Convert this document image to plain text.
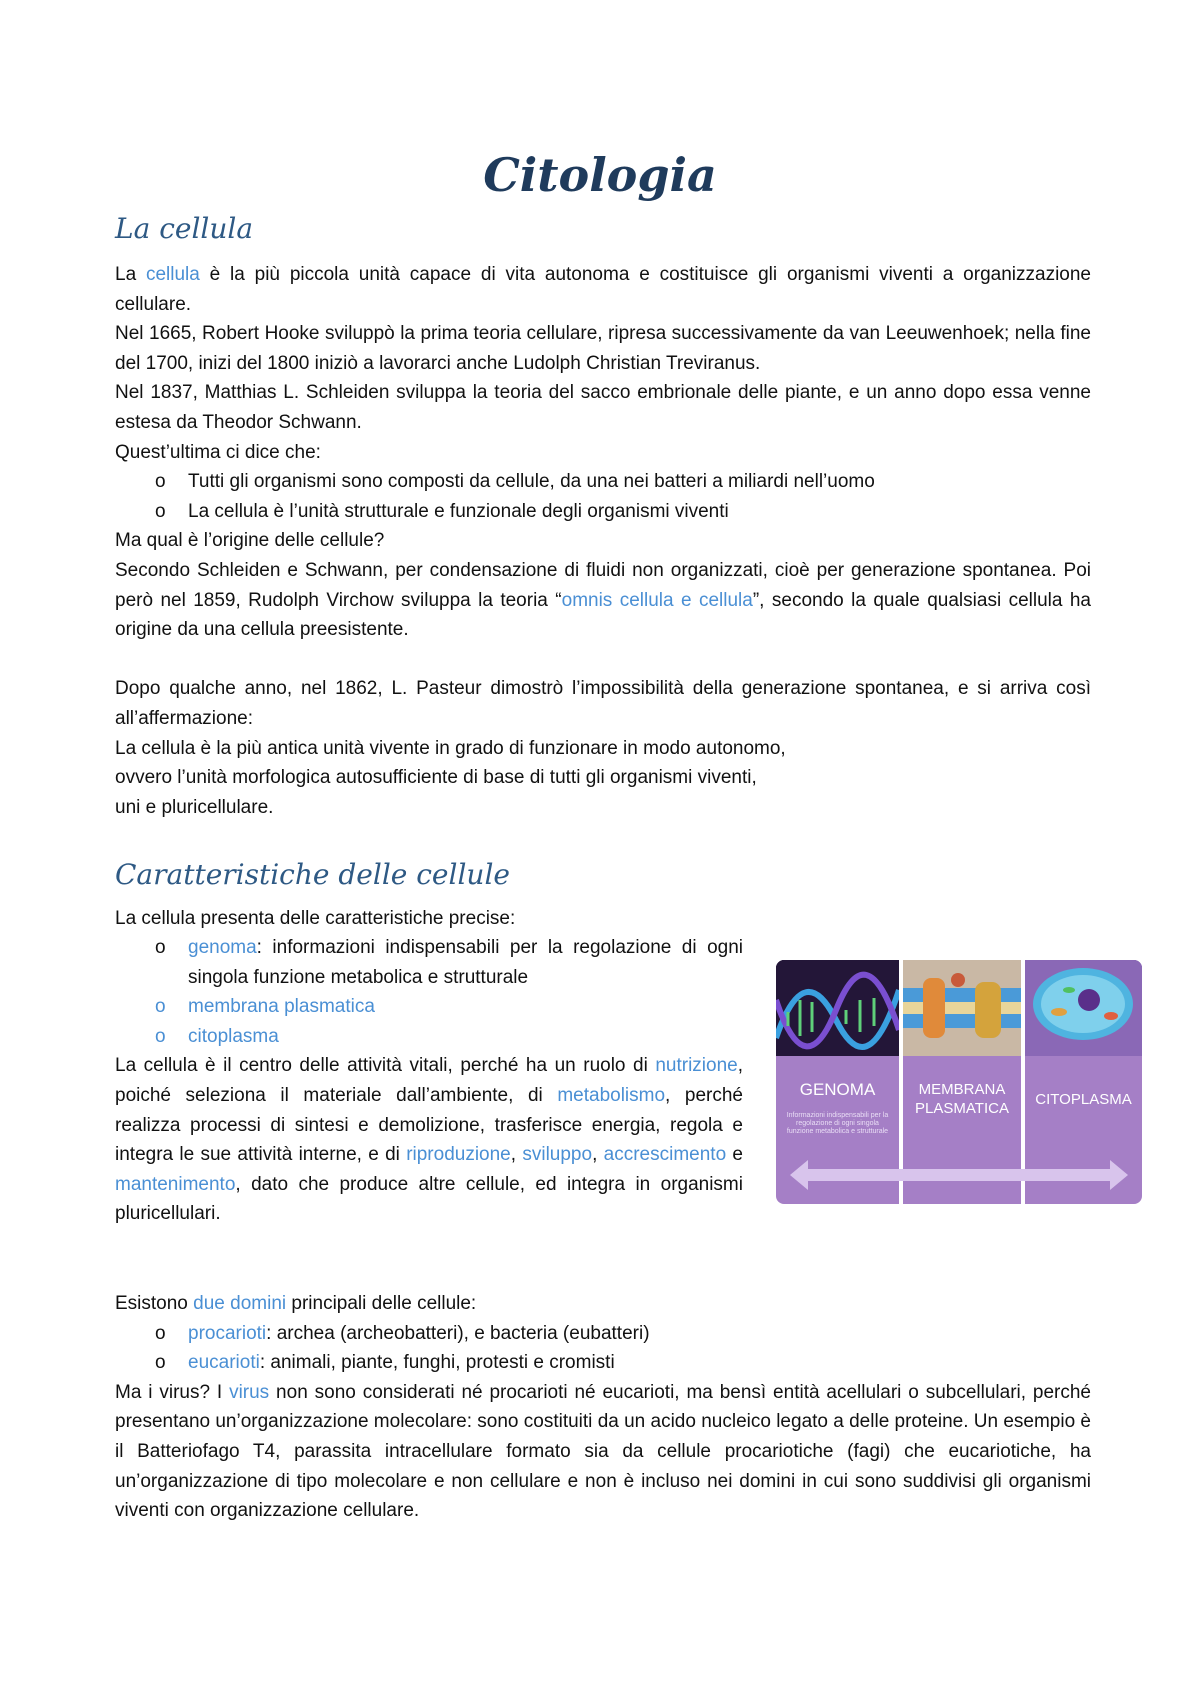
Citologia
La cellula

La cellula è la più piccola unità capace di vita autonoma e costituisce gli organismi viventi a organizzazione cellulare.

Nel 1665, Robert Hooke sviluppò la prima teoria cellulare, ripresa successivamente da van Leeuwenhoek; nella fine del 1700, inizi del 1800 iniziò a lavorarci anche Ludolph Christian Treviranus.

Nel 1837, Matthias L. Schleiden sviluppa la teoria del sacco embrionale delle piante, e un anno dopo essa venne estesa da Theodor Schwann.

Quest’ultima ci dice che:

o Tutti gli organismi sono composti da cellule, da una nei batteri a miliardi nell’uomo
o La cellula è l’unità strutturale e funzionale degli organismi viventi

Ma qual è l’origine delle cellule?

Secondo Schleiden e Schwann, per condensazione di fluidi non organizzati, cioè per generazione spontanea. Poi però nel 1859, Rudolph Virchow sviluppa la teoria “omnis cellula e cellula”, secondo la quale qualsiasi cellula ha origine da una cellula preesistente.

Dopo qualche anno, nel 1862, L. Pasteur dimostrò l’impossibilità della generazione spontanea, e si arriva così all’affermazione:

La cellula è la più antica unità vivente in grado di funzionare in modo autonomo,

ovvero l’unità morfologica autosufficiente di base di tutti gli organismi viventi,

uni e pluricellulare.

Caratteristiche delle cellule

La cellula presenta delle caratteristiche precise:

o genoma: informazioni indispensabili per la regolazione di ogni singola funzione metabolica e strutturale
o membrana plasmatica
o citoplasma

La cellula è il centro delle attività vitali, perché ha un ruolo di nutrizione, poiché seleziona il materiale dall’ambiente, di metabolismo, perché realizza processi di sintesi e demolizione, trasferisce energia, regola e integra le sue attività interne, e di riproduzione, sviluppo, accrescimento e mantenimento, dato che produce altre cellule, ed integra in organismi pluricellulari.

GENOMA
Informazioni indispensabili per la regolazione di ogni singola funzione metabolica e strutturale
MEMBRANA
PLASMATICA
CITOPLASMA

Esistono due domini principali delle cellule:

o procarioti: archea (archeobatteri), e bacteria (eubatteri)
o eucarioti: animali, piante, funghi, protesti e cromisti

Ma i virus? I virus non sono considerati né procarioti né eucarioti, ma bensì entità acellulari o subcellulari, perché presentano un’organizzazione molecolare: sono costituiti da un acido nucleico legato a delle proteine. Un esempio è il Batteriofago T4, parassita intracellulare formato sia da cellule procariotiche (fagi) che eucariotiche, ha un’organizzazione di tipo molecolare e non cellulare e non è incluso nei domini in cui sono suddivisi gli organismi viventi con organizzazione cellulare.
